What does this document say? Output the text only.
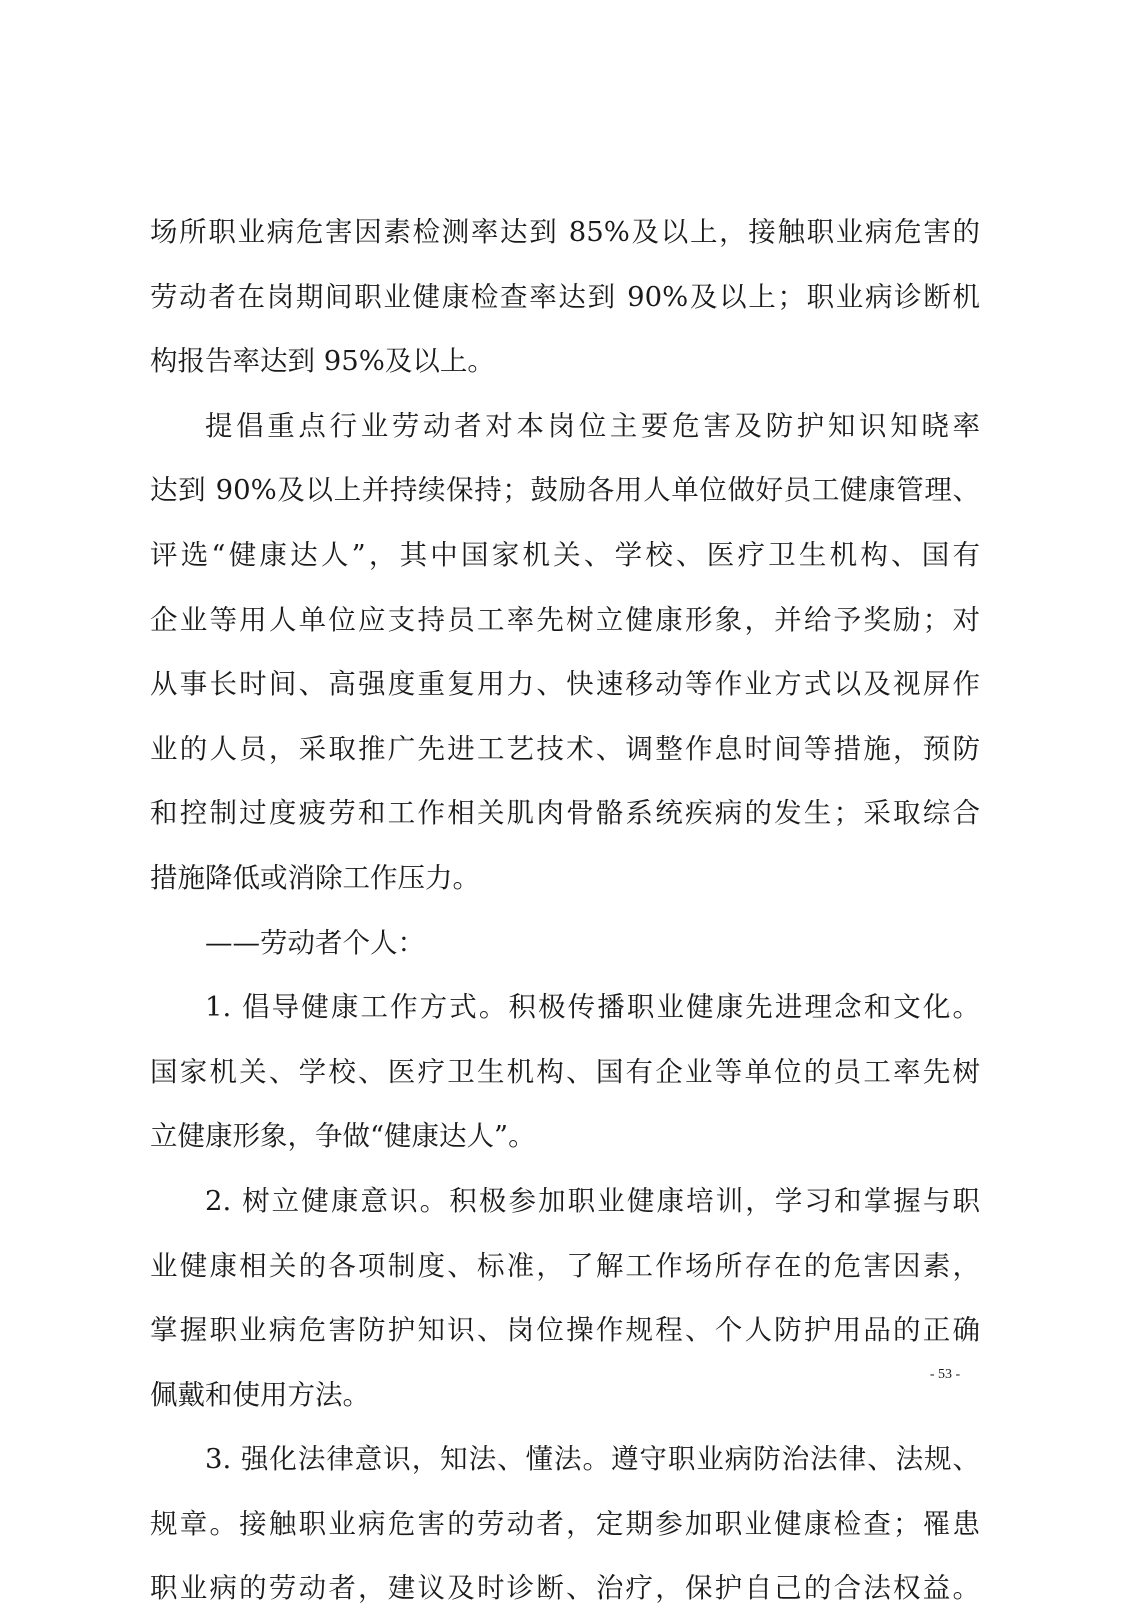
场所职业病危害因素检测率达到 85%及以上，接触职业病危害的
劳动者在岗期间职业健康检查率达到 90%及以上；职业病诊断机
构报告率达到 95%及以上。
提倡重点行业劳动者对本岗位主要危害及防护知识知晓率
达到 90%及以上并持续保持；鼓励各用人单位做好员工健康管理、
评选“健康达人”，其中国家机关、学校、医疗卫生机构、国有
企业等用人单位应支持员工率先树立健康形象，并给予奖励；对
从事长时间、高强度重复用力、快速移动等作业方式以及视屏作
业的人员，采取推广先进工艺技术、调整作息时间等措施，预防
和控制过度疲劳和工作相关肌肉骨骼系统疾病的发生；采取综合
措施降低或消除工作压力。
——劳动者个人：
1. 倡导健康工作方式。积极传播职业健康先进理念和文化。
国家机关、学校、医疗卫生机构、国有企业等单位的员工率先树
立健康形象，争做“健康达人”。
2. 树立健康意识。积极参加职业健康培训，学习和掌握与职
业健康相关的各项制度、标准，了解工作场所存在的危害因素，
掌握职业病危害防护知识、岗位操作规程、个人防护用品的正确
佩戴和使用方法。
3. 强化法律意识，知法、懂法。遵守职业病防治法律、法规、
规章。接触职业病危害的劳动者，定期参加职业健康检查；罹患
职业病的劳动者，建议及时诊断、治疗，保护自己的合法权益。
- 53 -
